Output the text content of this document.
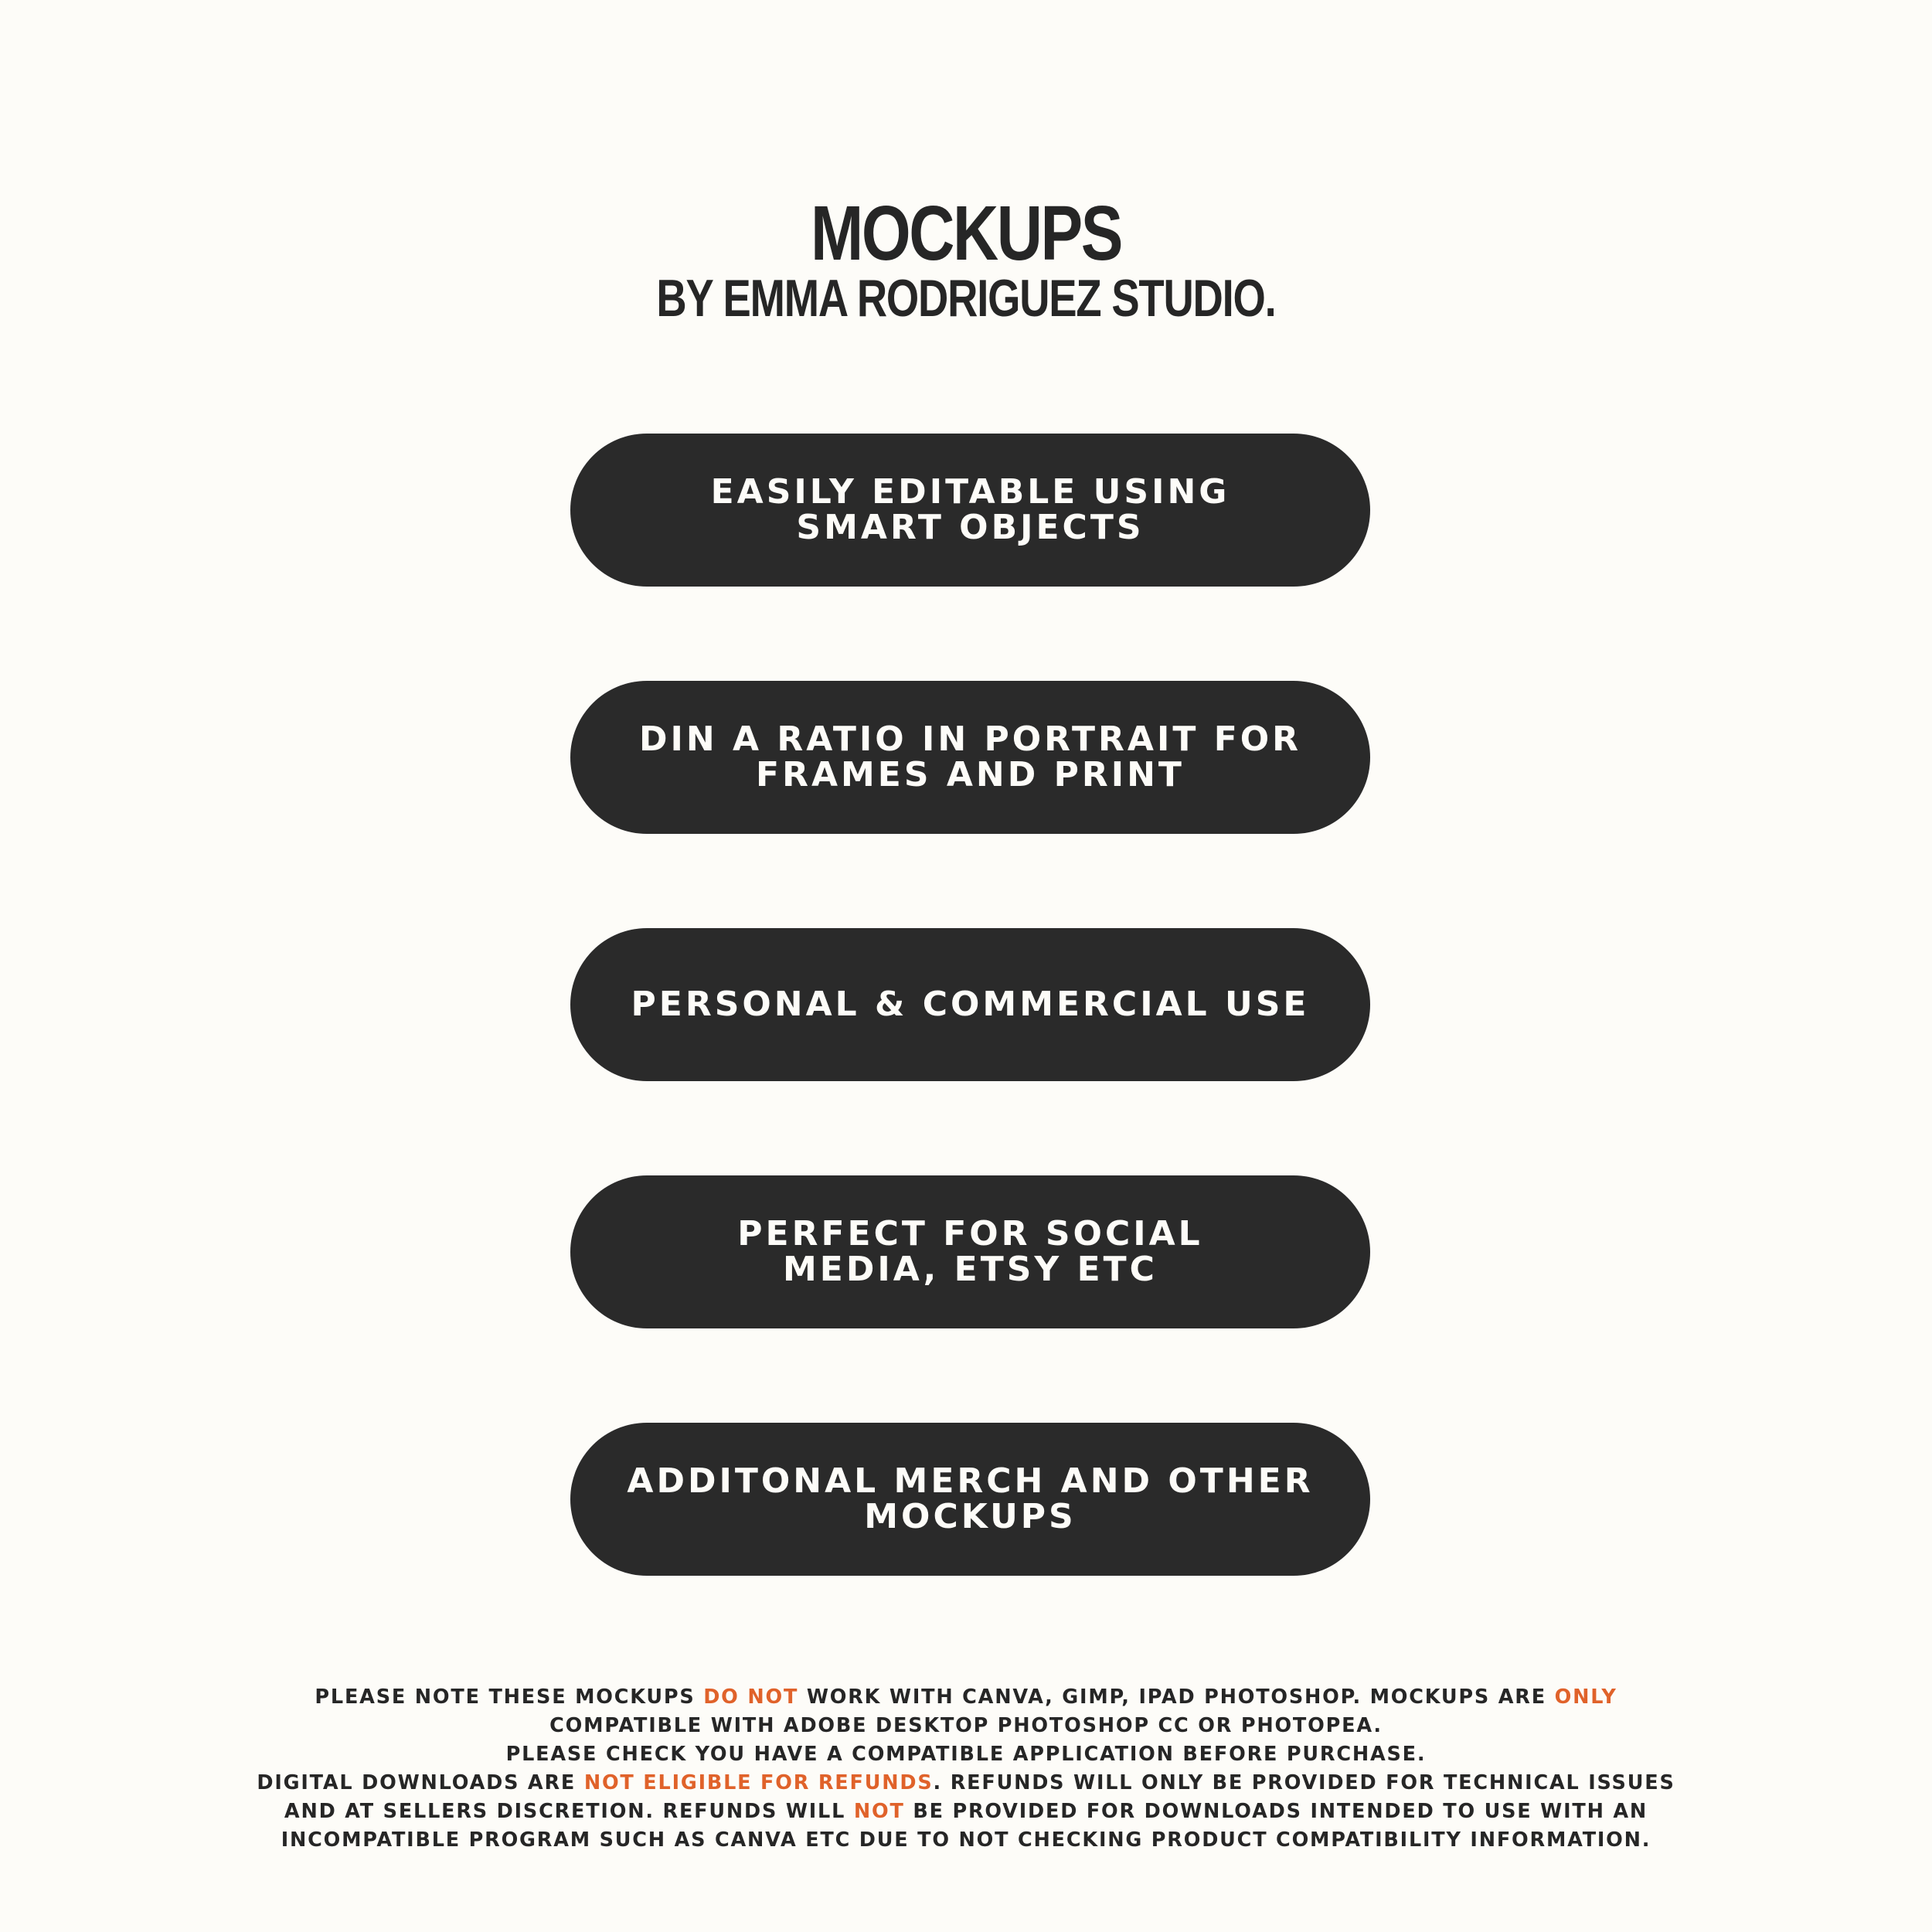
MOCKUPS
BY EMMA RODRIGUEZ STUDIO.
EASILY EDITABLE USING
SMART OBJECTS
DIN A RATIO IN PORTRAIT FOR
FRAMES AND PRINT
PERSONAL & COMMERCIAL USE
PERFECT FOR SOCIAL
MEDIA, ETSY ETC
ADDITONAL MERCH AND OTHER
MOCKUPS
PLEASE NOTE THESE MOCKUPS DO NOT WORK WITH CANVA, GIMP, IPAD PHOTOSHOP. MOCKUPS ARE ONLY
COMPATIBLE WITH ADOBE DESKTOP PHOTOSHOP CC OR PHOTOPEA.
PLEASE CHECK YOU HAVE A COMPATIBLE APPLICATION BEFORE PURCHASE.
DIGITAL DOWNLOADS ARE NOT ELIGIBLE FOR REFUNDS. REFUNDS WILL ONLY BE PROVIDED FOR TECHNICAL ISSUES
AND AT SELLERS DISCRETION. REFUNDS WILL NOT BE PROVIDED FOR DOWNLOADS INTENDED TO USE WITH AN
INCOMPATIBLE PROGRAM SUCH AS CANVA ETC DUE TO NOT CHECKING PRODUCT COMPATIBILITY INFORMATION.
